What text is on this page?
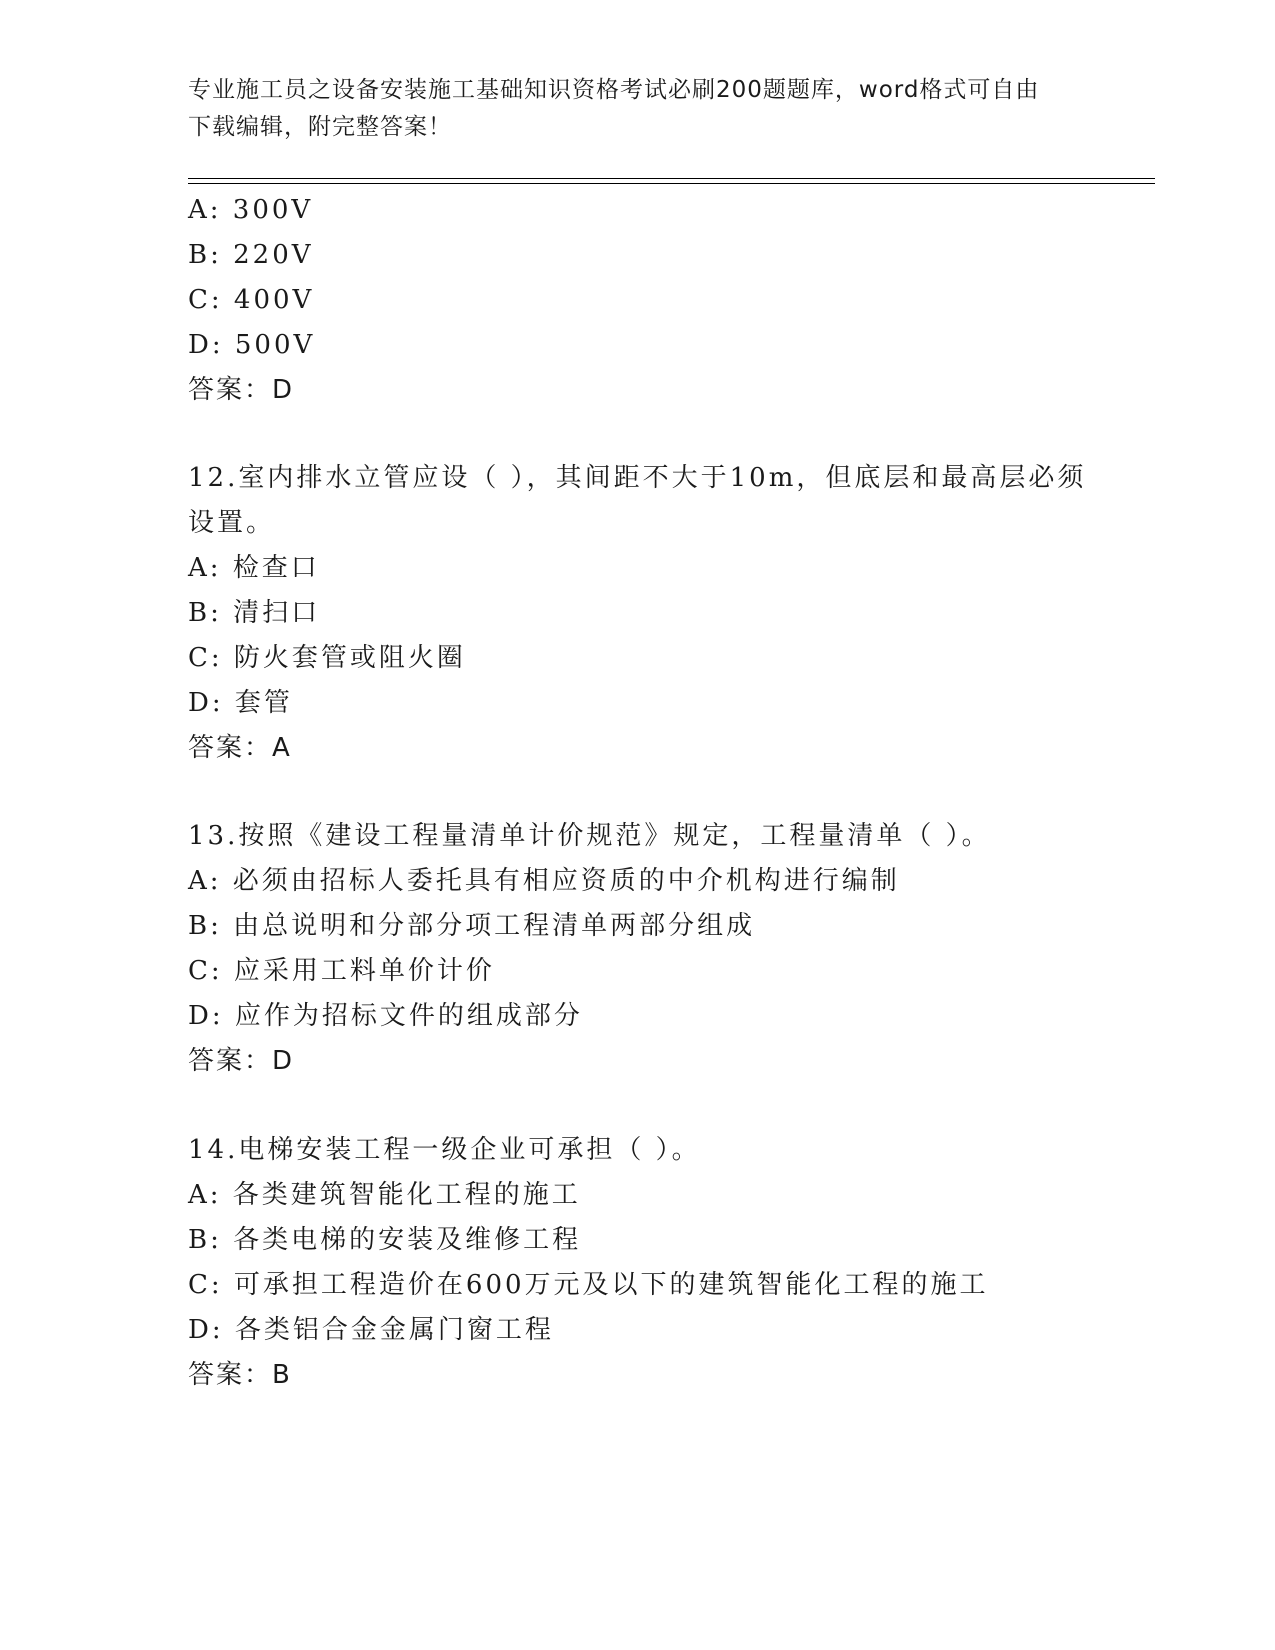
专业施工员之设备安装施工基础知识资格考试必刷200题题库，word格式可自由
下载编辑，附完整答案！
A: 300V
B: 220V
C: 400V
D: 500V
答案：D
12.室内排水立管应设（ ），其间距不大于10m，但底层和最高层必须
设置。
A: 检查口
B: 清扫口
C: 防火套管或阻火圈
D: 套管
答案：A
13.按照《建设工程量清单计价规范》规定，工程量清单（ ）。
A: 必须由招标人委托具有相应资质的中介机构进行编制
B: 由总说明和分部分项工程清单两部分组成
C: 应采用工料单价计价
D: 应作为招标文件的组成部分
答案：D
14.电梯安装工程一级企业可承担（ ）。
A: 各类建筑智能化工程的施工
B: 各类电梯的安装及维修工程
C: 可承担工程造价在600万元及以下的建筑智能化工程的施工
D: 各类铝合金金属门窗工程
答案：B
